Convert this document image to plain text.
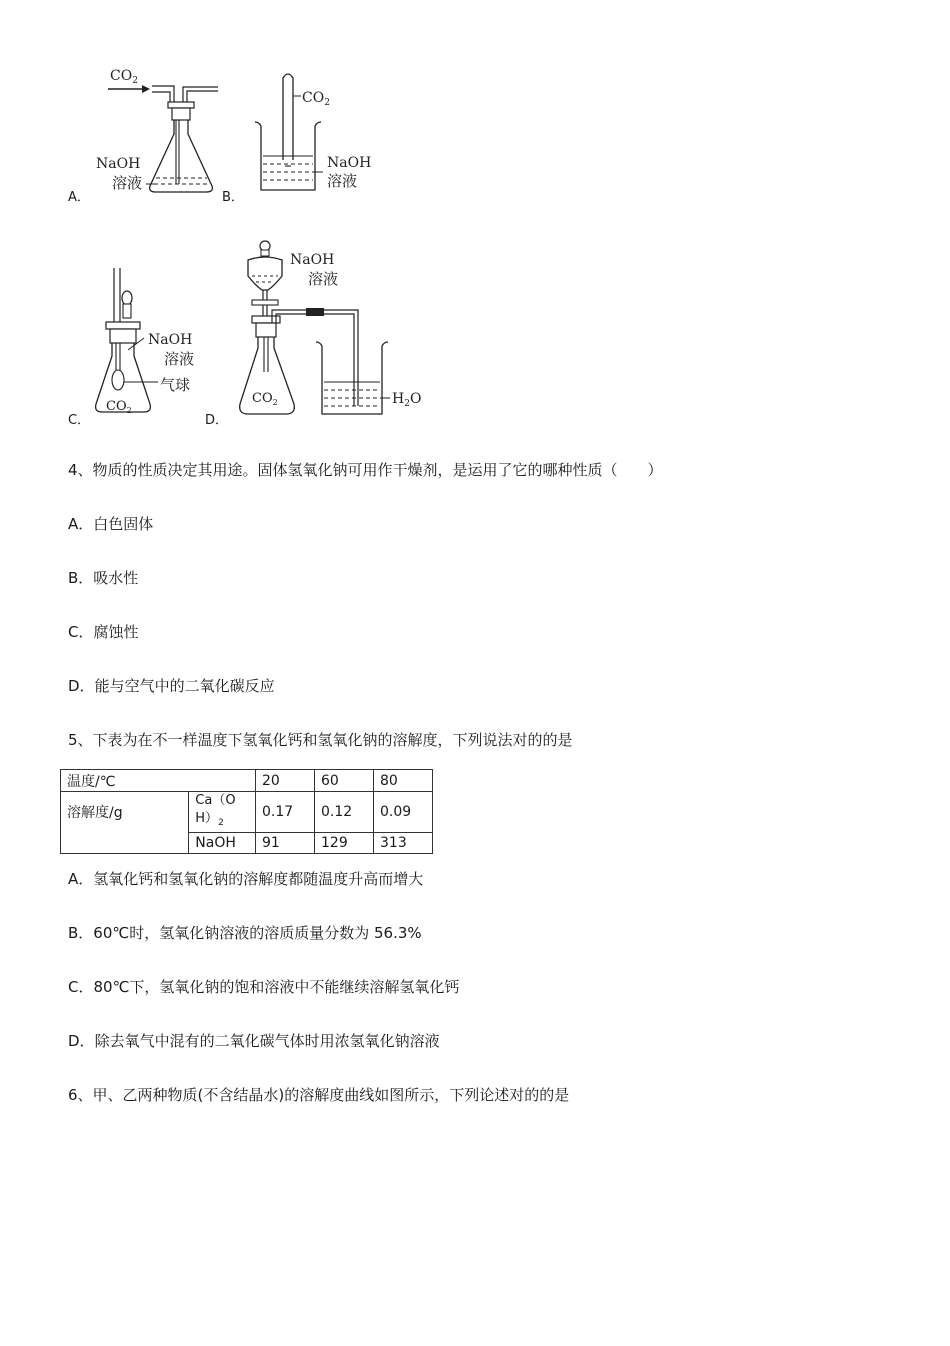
A．
$CO_2$
NaOH
溶液
B．
$CO_2$
NaOH
溶液
C．
NaOH
溶液
气球
$CO_2$
D．
NaOH
溶液
$CO_2$	$H_2O$
4、物质的性质决定其用途。固体氢氧化钠可用作干燥剂，是运用了它的哪种性质（　　）
A．白色固体
B．吸水性
C．腐蚀性
D．能与空气中的二氧化碳反应
5、下表为在不一样温度下氢氧化钙和氢氧化钠的溶解度，下列说法对的的是
温度/℃		20	60	80
溶解度/g	Ca（O
$H)_2$	0.17	0.12	0.09
	NaOH	91	129	313
A．氢氧化钙和氢氧化钠的溶解度都随温度升高而增大
B．60℃时，氢氧化钠溶液的溶质质量分数为 56.3%
C．80℃下，氢氧化钠的饱和溶液中不能继续溶解氢氧化钙
D．除去氧气中混有的二氧化碳气体时用浓氢氧化钠溶液
6、甲、乙两种物质(不含结晶水)的溶解度曲线如图所示，下列论述对的的是
